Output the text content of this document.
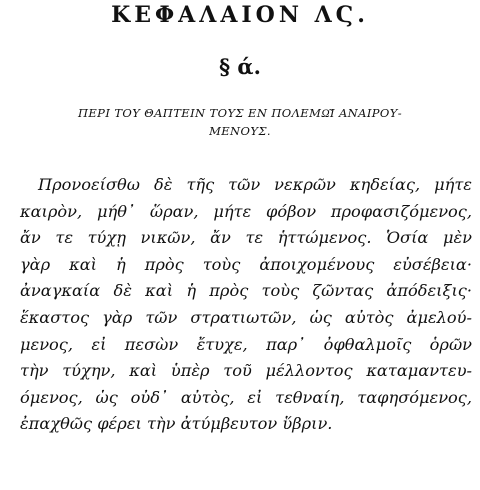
ΚΕΦΑΛΑΙΟΝ ΛϚ.
§ ά.
ΠΕΡΙ ΤΟΥ ΘΑΠΤΕΙΝ ΤΟΥΣ ΕΝ ΠΟΛΕΜΩ͂Ι ΑΝΑΙΡΟΥ-
ΜΕΝΟΥΣ.
Προνοείσθω δὲ τῆς τῶν νεκρῶν κηδείας, μήτε
καιρὸν, μήθ᾽ ὥραν, μήτε φόβον προφασιζόμενος,
ἄν τε τύχῃ νικῶν, ἄν τε ἡττώμενος. Ὁσία μὲν
γὰρ καὶ ἡ πρὸς τοὺς ἀποιχομένους εὐσέβεια·
ἀναγκαία δὲ καὶ ἡ πρὸς τοὺς ζῶντας ἀπόδειξις·
ἕκαστος γὰρ τῶν στρατιωτῶν, ὡς αὐτὸς ἀμελού-
μενος, εἰ πεσὼν ἔτυχε, παρ᾽ ὀφθαλμοῖς ὁρῶν
τὴν τύχην, καὶ ὑπὲρ τοῦ μέλλοντος καταμαντευ-
όμενος, ὡς οὐδ᾽ αὐτὸς, εἰ τεθναίη, ταφησόμενος,
ἐπαχθῶς φέρει τὴν ἀτύμβευτον ὕβριν.
